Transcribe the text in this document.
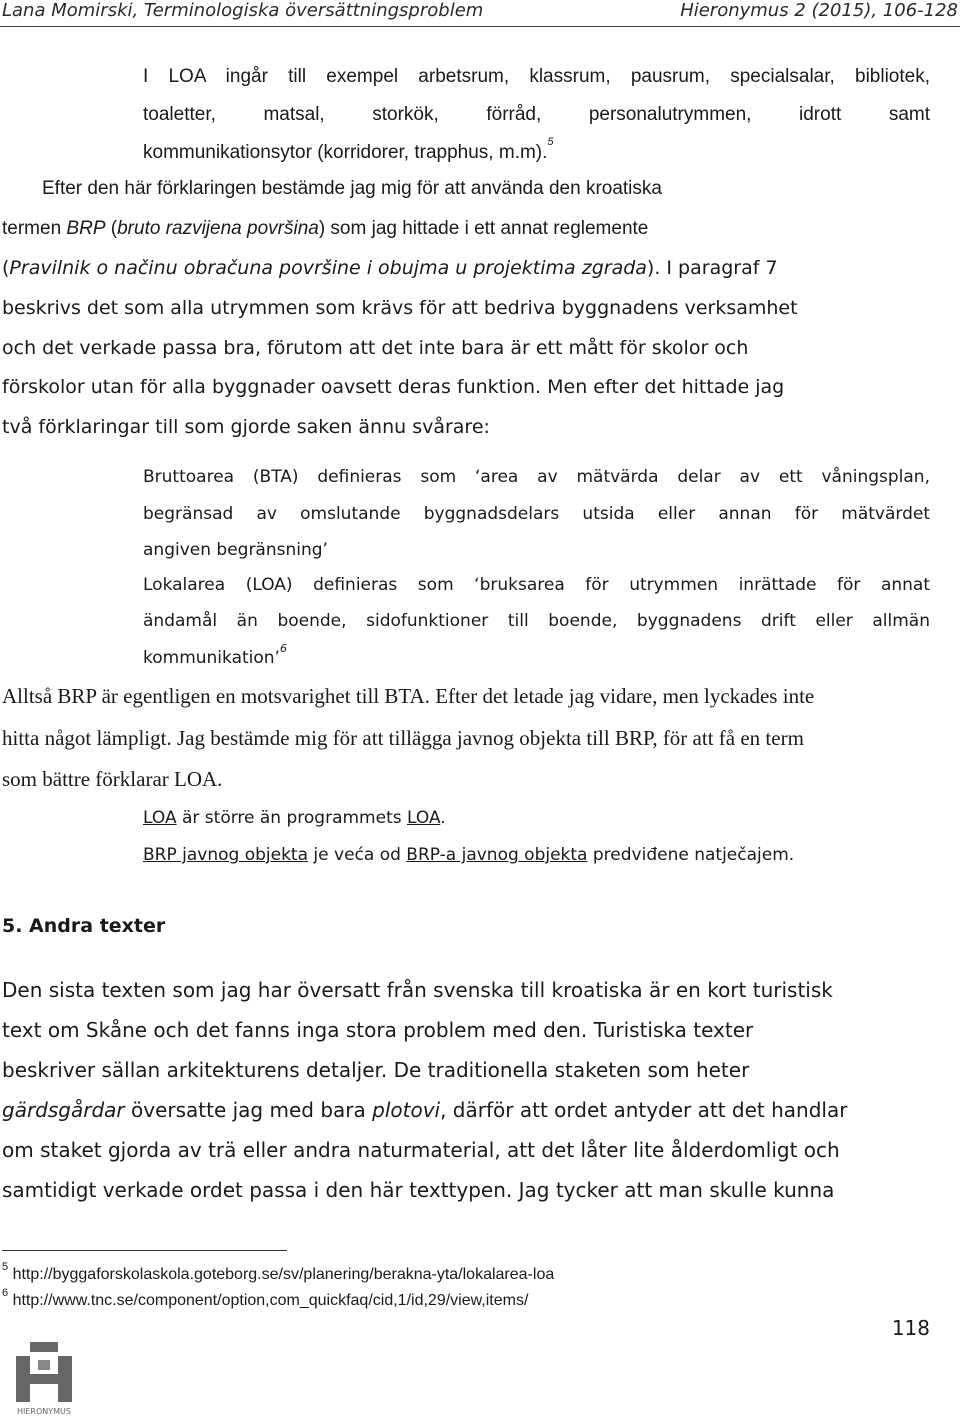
Lana Momirski, Terminologiska översättningsproblem	Hieronymus 2 (2015), 106-128
I LOA ingår till exempel arbetsrum, klassrum, pausrum, specialsalar, bibliotek,
toaletter, matsal, storkök, förråd, personalutrymmen, idrott samt
kommunikationsytor (korridorer, trapphus, m.m).$^5$
Efter den här förklaringen bestämde jag mig för att använda den kroatiska
termen BRP (bruto razvijena površina) som jag hittade i ett annat reglemente
(Pravilnik o načinu obračuna površine i obujma u projektima zgrada). I paragraf 7
beskrivs det som alla utrymmen som krävs för att bedriva byggnadens verksamhet
och det verkade passa bra, förutom att det inte bara är ett mått för skolor och
förskolor utan för alla byggnader oavsett deras funktion. Men efter det hittade jag
två förklaringar till som gjorde saken ännu svårare:
Bruttoarea (BTA) definieras som ‘area av mätvärda delar av ett våningsplan,
begränsad av omslutande byggnadsdelars utsida eller annan för mätvärdet
angiven begränsning’
Lokalarea (LOA) definieras som ‘bruksarea för utrymmen inrättade för annat
ändamål än boende, sidofunktioner till boende, byggnadens drift eller allmän
kommunikation’$^6$
Alltså BRP är egentligen en motsvarighet till BTA. Efter det letade jag vidare, men lyckades inte
hitta något lämpligt. Jag bestämde mig för att tillägga javnog objekta till BRP, för att få en term
som bättre förklarar LOA.
LOA är större än programmets LOA.
BRP javnog objekta je veća od BRP-a javnog objekta predviđene natječajem.
5. Andra texter
Den sista texten som jag har översatt från svenska till kroatiska är en kort turistisk
text om Skåne och det fanns inga stora problem med den. Turistiska texter
beskriver sällan arkitekturens detaljer. De traditionella staketen som heter
gärdsgårdar översatte jag med bara plotovi, därför att ordet antyder att det handlar
om staket gjorda av trä eller andra naturmaterial, att det låter lite ålderdomligt och
samtidigt verkade ordet passa i den här texttypen. Jag tycker att man skulle kunna
$^5$ http://byggaforskolaskola.goteborg.se/sv/planering/berakna-yta/lokalarea-loa
$^6$ http://www.tnc.se/component/option,com_quickfaq/cid,1/id,29/view,items/
118
HIERONYMUS
